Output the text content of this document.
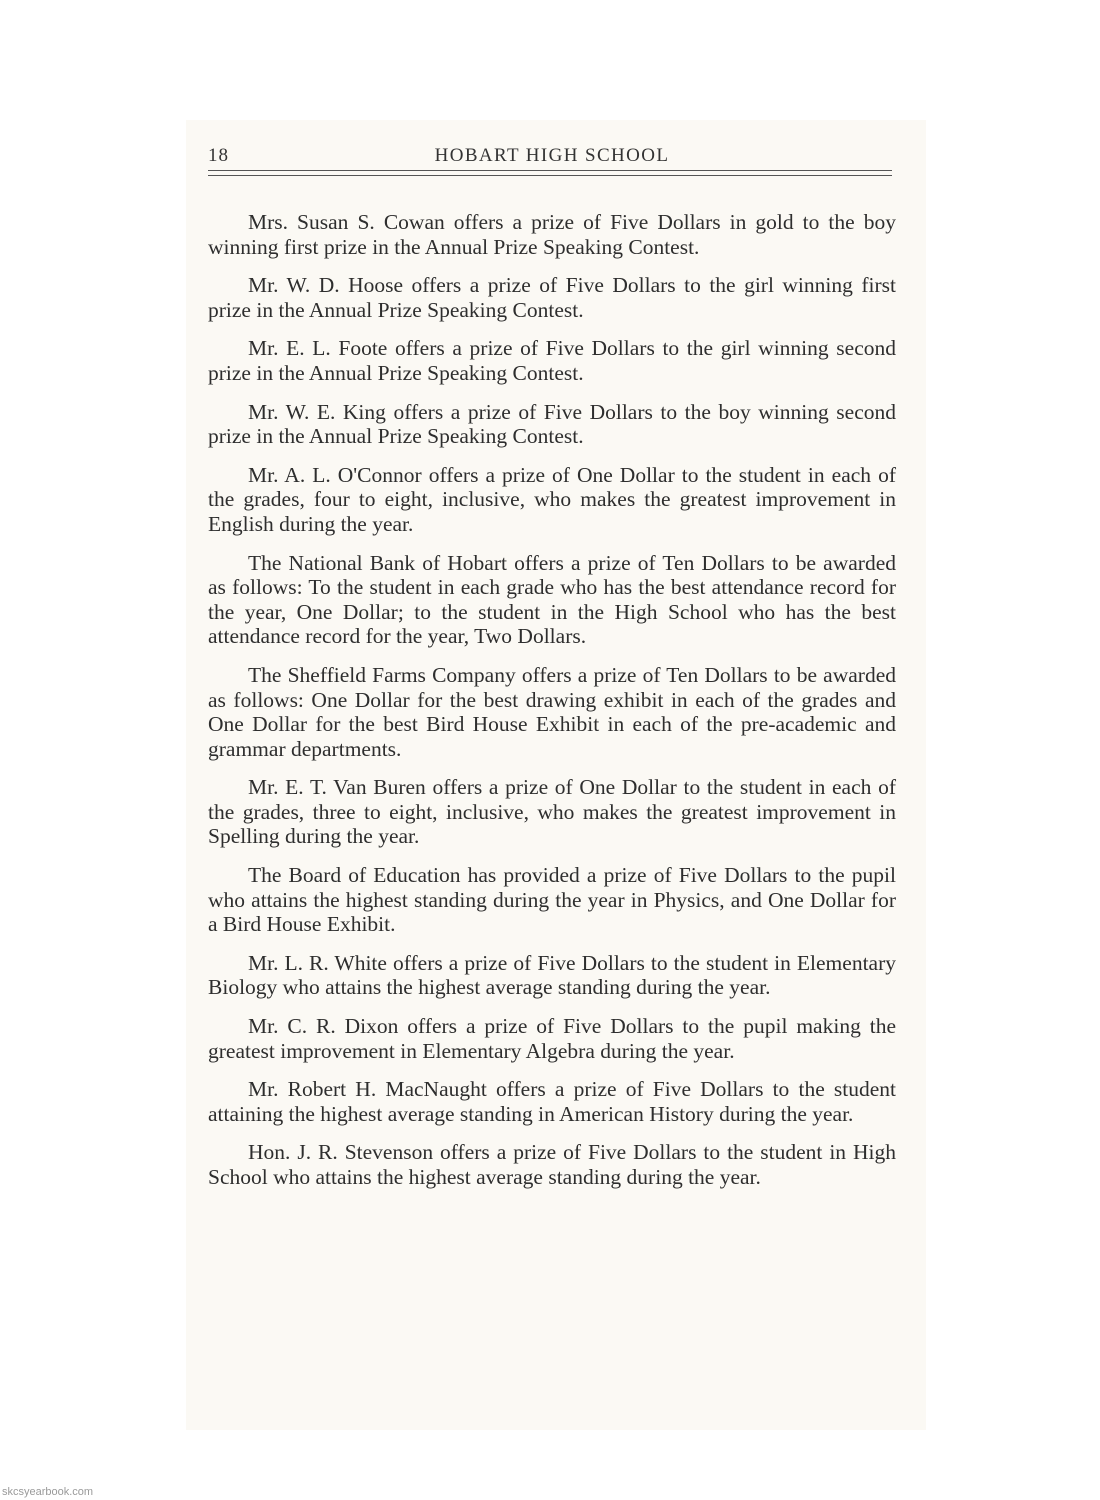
18	HOBART HIGH SCHOOL

Mrs. Susan S. Cowan offers a prize of Five Dollars in gold to the boy winning first prize in the Annual Prize Speaking Contest.

Mr. W. D. Hoose offers a prize of Five Dollars to the girl winning first prize in the Annual Prize Speaking Contest.

Mr. E. L. Foote offers a prize of Five Dollars to the girl winning second prize in the Annual Prize Speaking Contest.

Mr. W. E. King offers a prize of Five Dollars to the boy winning second prize in the Annual Prize Speaking Contest.

Mr. A. L. O'Connor offers a prize of One Dollar to the student in each of the grades, four to eight, inclusive, who makes the greatest improvement in English during the year.

The National Bank of Hobart offers a prize of Ten Dollars to be awarded as follows: To the student in each grade who has the best attendance record for the year, One Dollar; to the student in the High School who has the best attendance record for the year, Two Dollars.

The Sheffield Farms Company offers a prize of Ten Dollars to be awarded as follows: One Dollar for the best drawing exhibit in each of the grades and One Dollar for the best Bird House Exhibit in each of the pre-academic and grammar departments.

Mr. E. T. Van Buren offers a prize of One Dollar to the student in each of the grades, three to eight, inclusive, who makes the greatest improvement in Spelling during the year.

The Board of Education has provided a prize of Five Dollars to the pupil who attains the highest standing during the year in Physics, and One Dollar for a Bird House Exhibit.

Mr. L. R. White offers a prize of Five Dollars to the student in Elementary Biology who attains the highest average standing during the year.

Mr. C. R. Dixon offers a prize of Five Dollars to the pupil making the greatest improvement in Elementary Algebra during the year.

Mr. Robert H. MacNaught offers a prize of Five Dollars to the student attaining the highest average standing in American History during the year.

Hon. J. R. Stevenson offers a prize of Five Dollars to the student in High School who attains the highest average standing during the year.

skcsyearbook.com
